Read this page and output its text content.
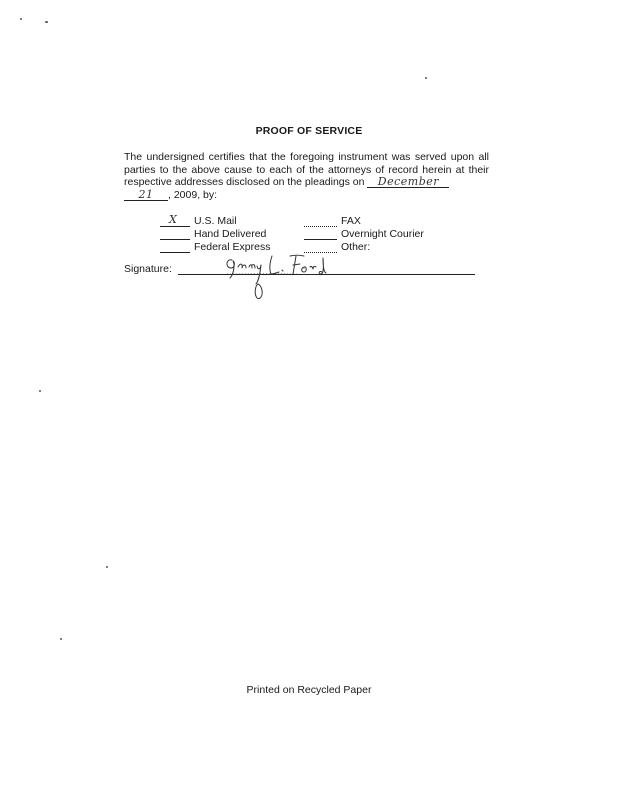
PROOF OF SERVICE
The undersigned certifies that the foregoing instrument was served upon all parties to the above cause to each of the attorneys of record herein at their respective addresses disclosed on the pleadings on December
21 , 2009, by:
X U.S. Mail
Hand Delivered
Federal Express
FAX
Overnight Courier
Other:
Signature:
Printed on Recycled Paper
